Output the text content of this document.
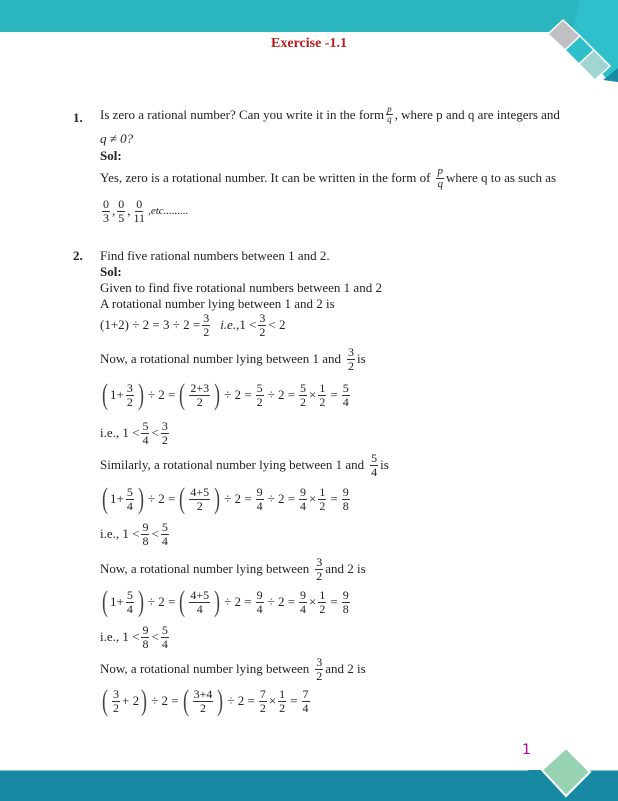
Exercise -1.1
1. Is zero a rational number? Can you write it in the form $\frac{p}{q}$ , where p and q are integers and
q ≠ 0?
Sol:
Yes, zero is a rotational number. It can be written in the form of $\frac{p}{q}$ where q to as such as
$\frac{0}{3}$ , $\frac{0}{5}$ , $\frac{0}{11} ,etc$.........
2. Find five rational numbers between 1 and 2.
Sol:
Given to find five rotational numbers between 1 and 2
A rotational number lying between 1 and 2 is
$(1+2) \div 2 = 3 \div 2 = \frac{3}{2} i.e$., $1 < \frac{3}{2} < 2$
Now, a rotational number lying between 1 and $\frac{3}{2}$ is
( $1+ \frac{3}{2}$ ) ÷ 2 = ( $\frac{2+3}{2}$ ) ÷ $2 = \frac{5}{2} \div 2 = \frac{5}{2} \times \frac{1}{2} = \frac{5}{4}$
i.e., $1 < \frac{5}{4} < \frac{3}{2}$
Similarly, a rotational number lying between 1 and $\frac{5}{4}$ is
( $1+ \frac{5}{4}$ ) ÷ 2 = ( $\frac{4+5}{2}$ ) ÷ $2 = \frac{9}{4} \div 2 = \frac{9}{4} \times \frac{1}{2} = \frac{9}{8}$
i.e., $1 < \frac{9}{8} < \frac{5}{4}$
Now, a rotational number lying between $\frac{3}{2}$ and 2 is
( $1+ \frac{5}{4}$ ) ÷ 2 = ( $\frac{4+5}{4}$ ) ÷ $2 = \frac{9}{4} \div 2 = \frac{9}{4} \times \frac{1}{2} = \frac{9}{8}$
i.e., $1 < \frac{9}{8} < \frac{5}{4}$
Now, a rotational number lying between $\frac{3}{2}$ and 2 is
( $\frac{3}{2} + 2$ ) ÷ 2 = ( $\frac{3+4}{2}$ ) ÷ $2 = \frac{7}{2} \times \frac{1}{2} = \frac{7}{4}$
1
